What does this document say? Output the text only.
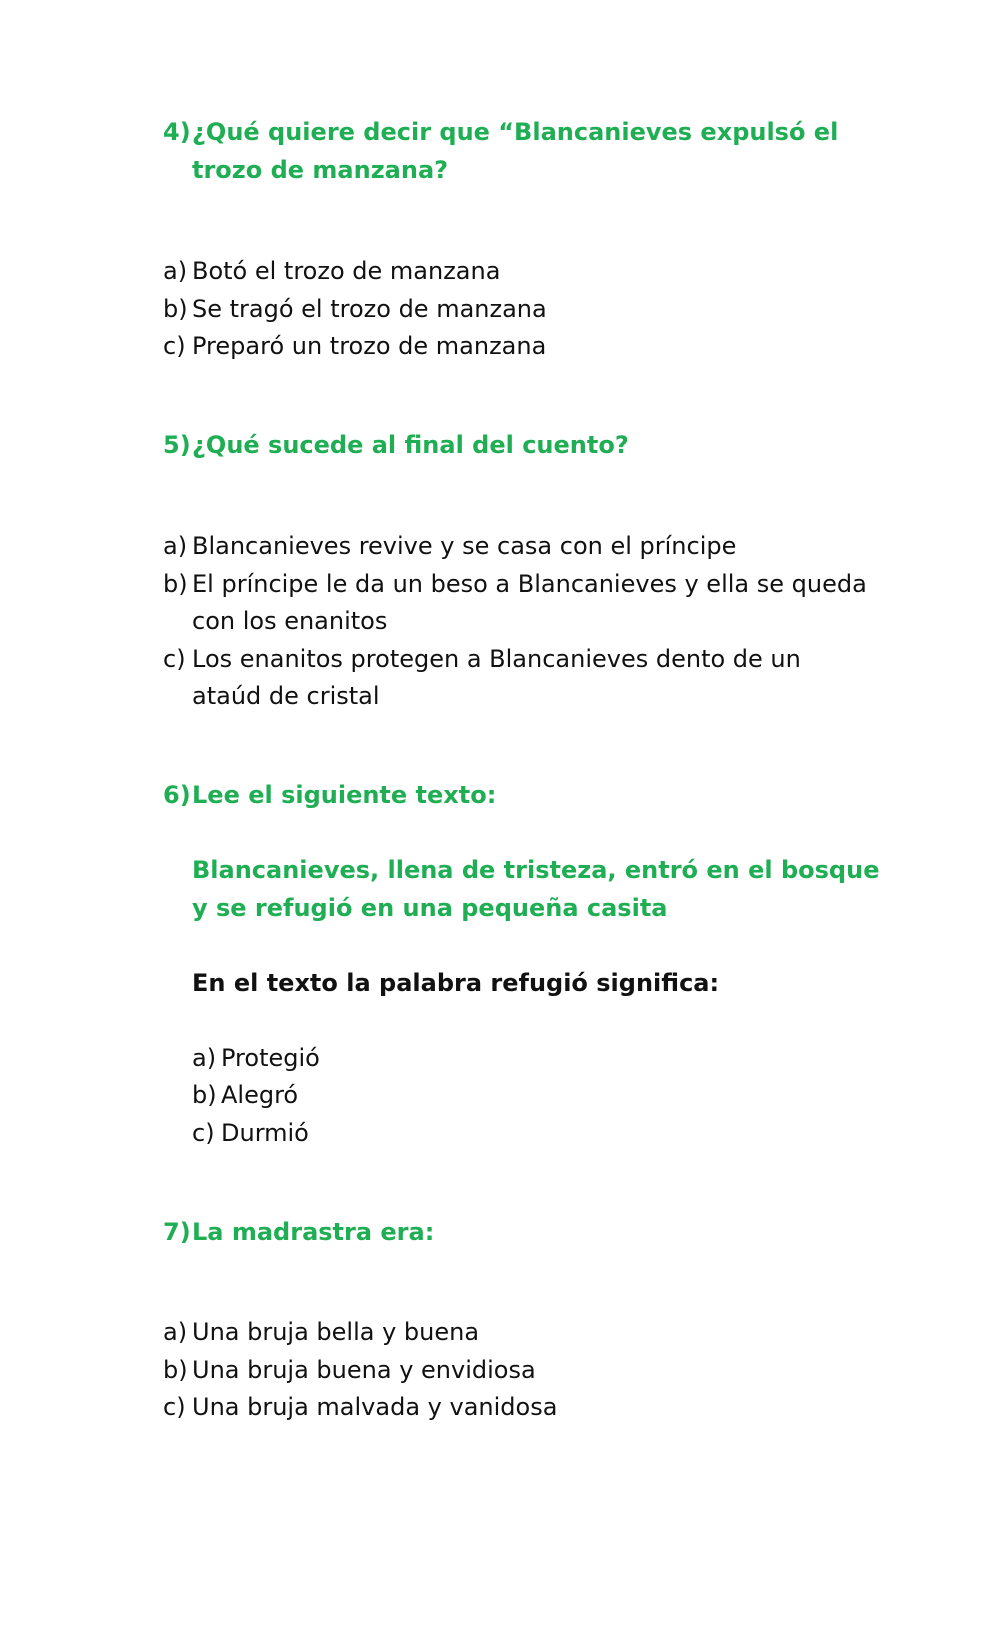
4)¿Qué quiere decir que “Blancanieves expulsó el
trozo de manzana?
a) Botó el trozo de manzana
b) Se tragó el trozo de manzana
c) Preparó un trozo de manzana
5)¿Qué sucede al final del cuento?
a) Blancanieves revive y se casa con el príncipe
b) El príncipe le da un beso a Blancanieves y ella se queda
con los enanitos
c) Los enanitos protegen a Blancanieves dento de un
ataúd de cristal
6)Lee el siguiente texto:
Blancanieves, llena de tristeza, entró en el bosque
y se refugió en una pequeña casita
En el texto la palabra refugió significa:
a) Protegió
b) Alegró
c) Durmió
7)La madrastra era:
a) Una bruja bella y buena
b) Una bruja buena y envidiosa
c) Una bruja malvada y vanidosa
